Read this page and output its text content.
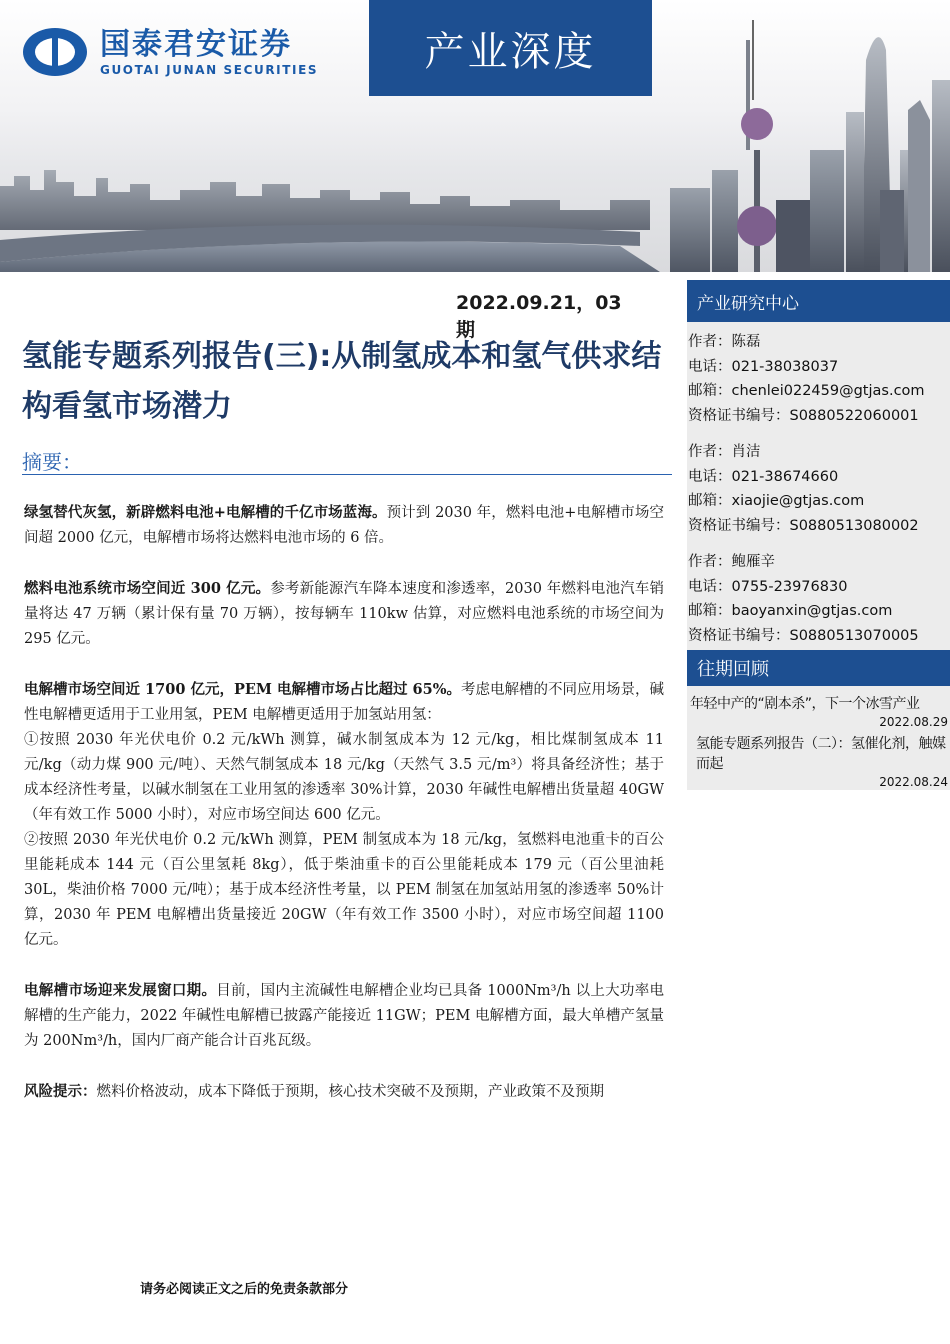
国泰君安证券
GUOTAI JUNAN SECURITIES	产业深度
2022.09.21，03 期
氢能专题系列报告(三):从制氢成本和氢气供求结构看氢市场潜力
摘要：

绿氢替代灰氢，新辟燃料电池+电解槽的千亿市场蓝海。预计到 2030 年，燃料电池+电解槽市场空间超 2000 亿元，电解槽市场将达燃料电池市场的 6 倍。

燃料电池系统市场空间近 300 亿元。参考新能源汽车降本速度和渗透率，2030 年燃料电池汽车销量将达 47 万辆（累计保有量 70 万辆），按每辆车 110kw 估算，对应燃料电池系统的市场空间为 295 亿元。

电解槽市场空间近 1700 亿元，PEM 电解槽市场占比超过 65%。考虑电解槽的不同应用场景，碱性电解槽更适用于工业用氢，PEM 电解槽更适用于加氢站用氢：

①按照 2030 年光伏电价 0.2 元/kWh 测算，碱水制氢成本为 12 元/kg，相比煤制氢成本 11 元/kg（动力煤 900 元/吨）、天然气制氢成本 18 元/kg（天然气 3.5 元/m³）将具备经济性；基于成本经济性考量，以碱水制氢在工业用氢的渗透率 30%计算，2030 年碱性电解槽出货量超 40GW（年有效工作 5000 小时），对应市场空间达 600 亿元。

②按照 2030 年光伏电价 0.2 元/kWh 测算，PEM 制氢成本为 18 元/kg，氢燃料电池重卡的百公里能耗成本 144 元（百公里氢耗 8kg），低于柴油重卡的百公里能耗成本 179 元（百公里油耗 30L，柴油价格 7000 元/吨）；基于成本经济性考量，以 PEM 制氢在加氢站用氢的渗透率 50%计算，2030 年 PEM 电解槽出货量接近 20GW（年有效工作 3500 小时），对应市场空间超 1100 亿元。

电解槽市场迎来发展窗口期。目前，国内主流碱性电解槽企业均已具备 1000Nm³/h 以上大功率电解槽的生产能力，2022 年碱性电解槽已披露产能接近 11GW；PEM 电解槽方面，最大单槽产氢量为 200Nm³/h，国内厂商产能合计百兆瓦级。

风险提示：燃料价格波动，成本下降低于预期，核心技术突破不及预期，产业政策不及预期

请务必阅读正文之后的免责条款部分
产业研究中心
作者：陈磊
电话：021-38038037
邮箱：chenlei022459@gtjas.com
资格证书编号：S0880522060001
作者：肖洁
电话：021-38674660
邮箱：xiaojie@gtjas.com
资格证书编号：S0880513080002
作者：鲍雁辛
电话：0755-23976830
邮箱：baoyanxin@gtjas.com
资格证书编号：S0880513070005
往期回顾
年轻中产的“剧本杀”，下一个冰雪产业
2022.08.29
氢能专题系列报告（二）：氢催化剂，触媒而起
2022.08.24
